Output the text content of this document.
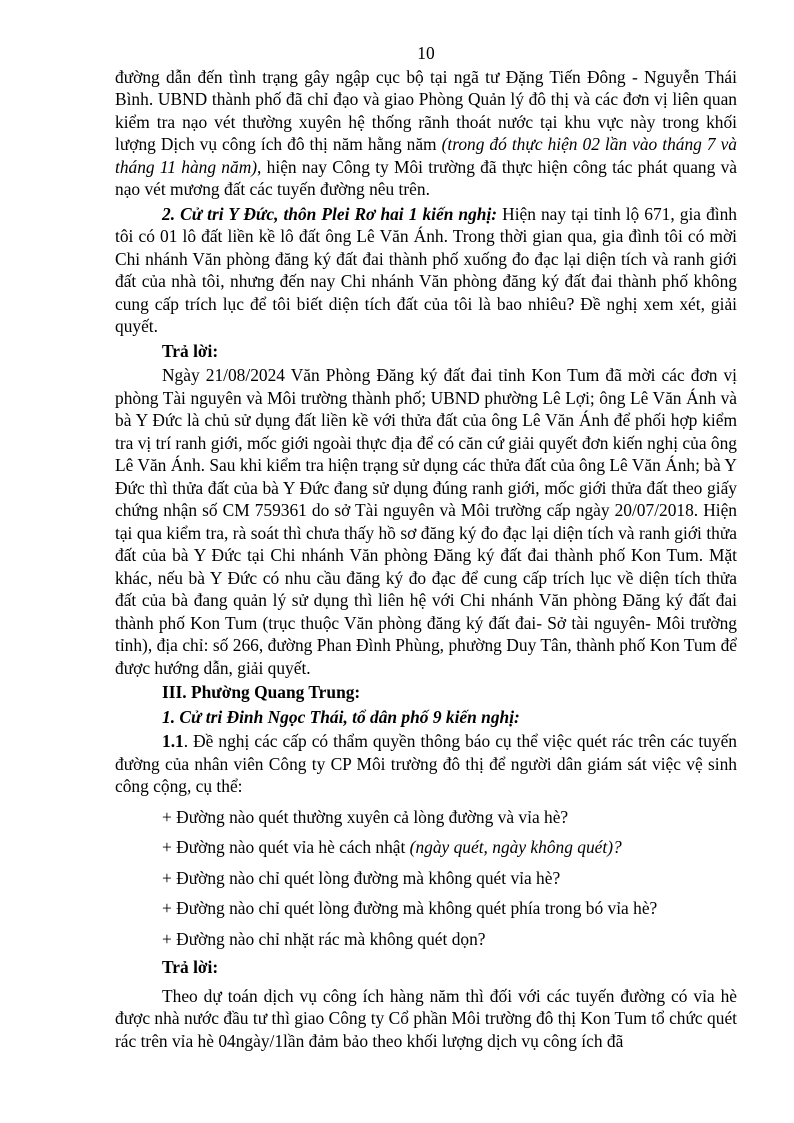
10

đường dẫn đến tình trạng gây ngập cục bộ tại ngã tư Đặng Tiến Đông - Nguyễn Thái Bình. UBND thành phố đã chỉ đạo và giao Phòng Quản lý đô thị và các đơn vị liên quan kiểm tra nạo vét thường xuyên hệ thống rãnh thoát nước tại khu vực này trong khối lượng Dịch vụ công ích đô thị năm hằng năm (trong đó thực hiện 02 lần vào tháng 7 và tháng 11 hàng năm), hiện nay Công ty Môi trường đã thực hiện công tác phát quang và nạo vét mương đất các tuyến đường nêu trên.

2. Cử tri Y Đức, thôn Plei Rơ hai 1 kiến nghị: Hiện nay tại tỉnh lộ 671, gia đình tôi có 01 lô đất liền kề lô đất ông Lê Văn Ánh. Trong thời gian qua, gia đình tôi có mời Chi nhánh Văn phòng đăng ký đất đai thành phố xuống đo đạc lại diện tích và ranh giới đất của nhà tôi, nhưng đến nay Chi nhánh Văn phòng đăng ký đất đai thành phố không cung cấp trích lục để tôi biết diện tích đất của tôi là bao nhiêu? Đề nghị xem xét, giải quyết.

Trả lời:

Ngày 21/08/2024 Văn Phòng Đăng ký đất đai tỉnh Kon Tum đã mời các đơn vị phòng Tài nguyên và Môi trường thành phố; UBND phường Lê Lợi; ông Lê Văn Ánh và bà Y Đức là chủ sử dụng đất liền kề với thửa đất của ông Lê Văn Ánh để phối hợp kiểm tra vị trí ranh giới, mốc giới ngoài thực địa để có căn cứ giải quyết đơn kiến nghị của ông Lê Văn Ánh. Sau khi kiểm tra hiện trạng sử dụng các thửa đất của ông Lê Văn Ánh; bà Y Đức thì thửa đất của bà Y Đức đang sử dụng đúng ranh giới, mốc giới thửa đất theo giấy chứng nhận số CM 759361 do sở Tài nguyên và Môi trường cấp ngày 20/07/2018. Hiện tại qua kiểm tra, rà soát thì chưa thấy hồ sơ đăng ký đo đạc lại diện tích và ranh giới thửa đất của bà Y Đức tại Chi nhánh Văn phòng Đăng ký đất đai thành phố Kon Tum. Mặt khác, nếu bà Y Đức có nhu cầu đăng ký đo đạc để cung cấp trích lục về diện tích thửa đất của bà đang quản lý sử dụng thì liên hệ với Chi nhánh Văn phòng Đăng ký đất đai thành phố Kon Tum (trục thuộc Văn phòng đăng ký đất đai- Sở tài nguyên- Môi trường tỉnh), địa chỉ: số 266, đường Phan Đình Phùng, phường Duy Tân, thành phố Kon Tum để được hướng dẫn, giải quyết.

III. Phường Quang Trung:

1. Cử tri Đinh Ngọc Thái, tổ dân phố 9 kiến nghị:

1.1. Đề nghị các cấp có thẩm quyền thông báo cụ thể việc quét rác trên các tuyến đường của nhân viên Công ty CP Môi trường đô thị để người dân giám sát việc vệ sinh công cộng, cụ thể:

+ Đường nào quét thường xuyên cả lòng đường và vỉa hè?

+ Đường nào quét vỉa hè cách nhật (ngày quét, ngày không quét)?

+ Đường nào chỉ quét lòng đường mà không quét vỉa hè?

+ Đường nào chỉ quét lòng đường mà không quét phía trong bó vỉa hè?

+ Đường nào chỉ nhặt rác mà không quét dọn?

Trả lời:

Theo dự toán dịch vụ công ích hàng năm thì đối với các tuyến đường có vỉa hè được nhà nước đầu tư thì giao Công ty Cổ phần Môi trường đô thị Kon Tum tổ chức quét rác trên vỉa hè 04ngày/1lần đảm bảo theo khối lượng dịch vụ công ích đã
